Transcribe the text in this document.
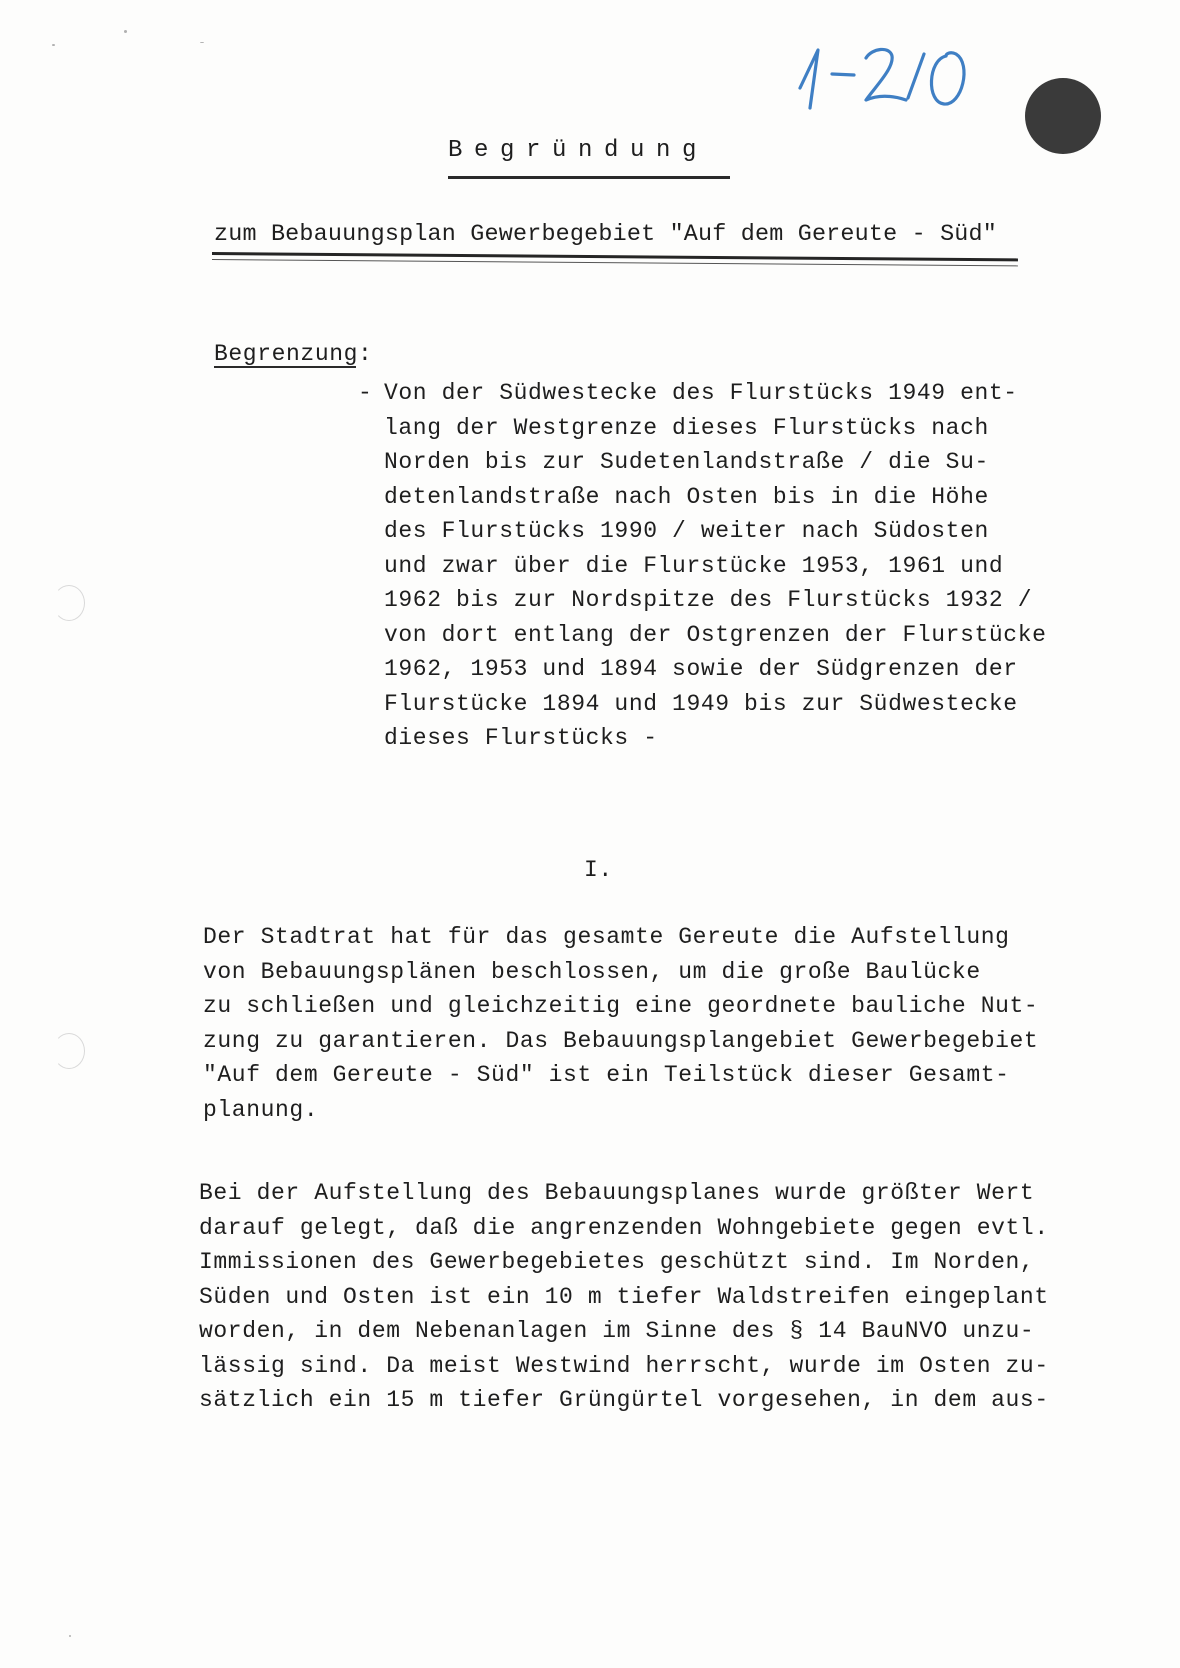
1-20
Begründung
zum Bebauungsplan Gewerbegebiet "Auf dem Gereute - Süd"
Begrenzung:
- Von der Südwestecke des Flurstücks 1949 ent-
lang der Westgrenze dieses Flurstücks nach
Norden bis zur Sudetenlandstraße / die Su-
detenlandstraße nach Osten bis in die Höhe
des Flurstücks 1990 / weiter nach Südosten
und zwar über die Flurstücke 1953, 1961 und
1962 bis zur Nordspitze des Flurstücks 1932 /
von dort entlang der Ostgrenzen der Flurstücke
1962, 1953 und 1894 sowie der Südgrenzen der
Flurstücke 1894 und 1949 bis zur Südwestecke
dieses Flurstücks -
I.
Der Stadtrat hat für das gesamte Gereute die Aufstellung
von Bebauungsplänen beschlossen, um die große Baulücke
zu schließen und gleichzeitig eine geordnete bauliche Nut-
zung zu garantieren. Das Bebauungsplangebiet Gewerbegebiet
"Auf dem Gereute - Süd" ist ein Teilstück dieser Gesamt-
planung.
Bei der Aufstellung des Bebauungsplanes wurde größter Wert
darauf gelegt, daß die angrenzenden Wohngebiete gegen evtl.
Immissionen des Gewerbegebietes geschützt sind. Im Norden,
Süden und Osten ist ein 10 m tiefer Waldstreifen eingeplant
worden, in dem Nebenanlagen im Sinne des § 14 BauNVO unzu-
lässig sind. Da meist Westwind herrscht, wurde im Osten zu-
sätzlich ein 15 m tiefer Grüngürtel vorgesehen, in dem aus-
